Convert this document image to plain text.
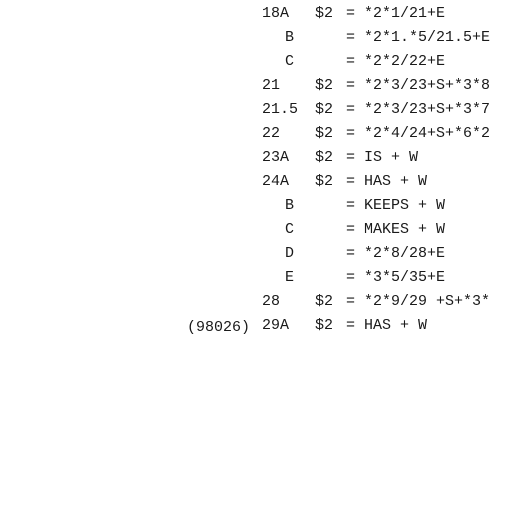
18A $2 = *2*1/21+E
B	= *2*1.*5/21.5+E
C	= *2*2/22+E
21 $2 = *2*3/23+S+*3*8
21.5 $2 = *2*3/23+S+*3*7
22 $2 = *2*4/24+S+*6*2
23A $2 = IS + W
24A $2 = HAS + W
B	= KEEPS + W
C	= MAKES + W
D	= *2*8/28+E
E	= *3*5/35+E
28 $2 = *2*9/29 +S+*3*
29A $2 = HAS + W
(98026)
